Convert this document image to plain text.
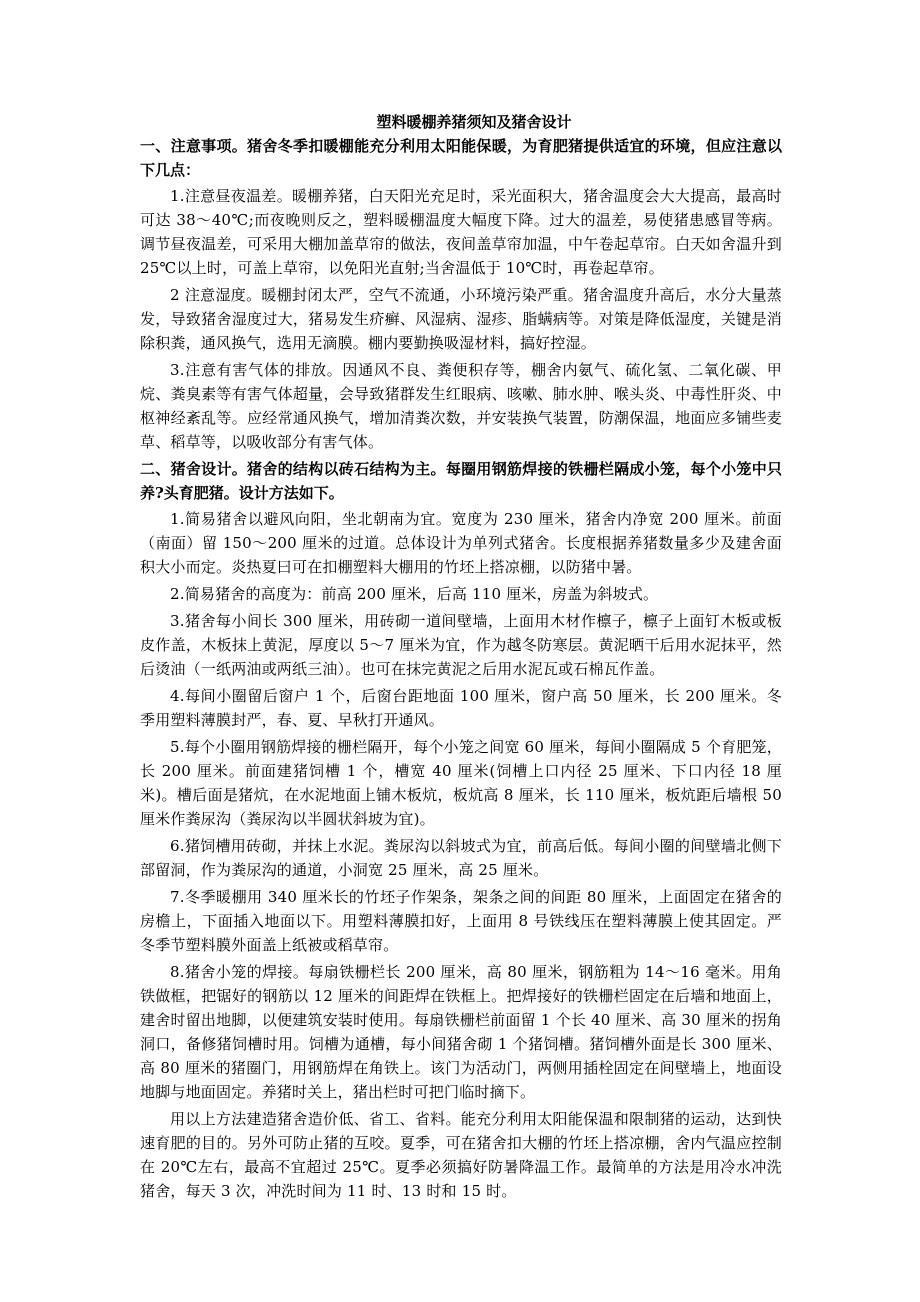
塑料暖棚养猪须知及猪舍设计

一、注意事项。猪舍冬季扣暖棚能充分利用太阳能保暖，为育肥猪提供适宜的环境，但应注意以下几点：

1.注意昼夜温差。暖棚养猪，白天阳光充足时，采光面积大，猪舍温度会大大提高，最高时可达 38～40℃;而夜晚则反之，塑料暖棚温度大幅度下降。过大的温差，易使猪患感冒等病。调节昼夜温差，可采用大棚加盖草帘的做法，夜间盖草帘加温，中午卷起草帘。白天如舍温升到 25℃以上时，可盖上草帘，以免阳光直射;当舍温低于 10℃时，再卷起草帘。

2 注意湿度。暖棚封闭太严，空气不流通，小环境污染严重。猪舍温度升高后，水分大量蒸发，导致猪舍湿度过大，猪易发生疥癣、风湿病、湿疹、脂螨病等。对策是降低湿度，关键是消除积粪，通风换气，选用无滴膜。棚内要勤换吸湿材料，搞好控湿。

3.注意有害气体的排放。因通风不良、粪便积存等，棚舍内氨气、硫化氢、二氧化碳、甲烷、粪臭素等有害气体超量，会导致猪群发生红眼病、咳嗽、肺水肿、喉头炎、中毒性肝炎、中枢神经紊乱等。应经常通风换气，增加清粪次数，并安装换气装置，防潮保温，地面应多铺些麦草、稻草等，以吸收部分有害气体。

二、猪舍设计。猪舍的结构以砖石结构为主。每圈用钢筋焊接的铁栅栏隔成小笼，每个小笼中只养?头育肥猪。设计方法如下。

1.简易猪舍以避风向阳，坐北朝南为宜。宽度为 230 厘米，猪舍内净宽 200 厘米。前面（南面）留 150～200 厘米的过道。总体设计为单列式猪舍。长度根据养猪数量多少及建舍面积大小而定。炎热夏曰可在扣棚塑料大棚用的竹坯上搭凉棚，以防猪中暑。

2.简易猪舍的高度为：前高 200 厘米，后高 110 厘米，房盖为斜坡式。

3.猪舍每小间长 300 厘米，用砖砌一道间壁墙，上面用木材作檩子，檩子上面钉木板或板皮作盖，木板抹上黄泥，厚度以 5～7 厘米为宜，作为越冬防寒层。黄泥晒干后用水泥抹平，然后烫油（一纸两油或两纸三油）。也可在抹完黄泥之后用水泥瓦或石棉瓦作盖。

4.每间小圈留后窗户 1 个，后窗台距地面 100 厘米，窗户高 50 厘米，长 200 厘米。冬季用塑料薄膜封严，春、夏、早秋打开通风。

5.每个小圈用钢筋焊接的栅栏隔开，每个小笼之间宽 60 厘米，每间小圈隔成 5 个育肥笼，长 200 厘米。前面建猪饲槽 1 个，槽宽 40 厘米(饲槽上口内径 25 厘米、下口内径 18 厘米)。槽后面是猪炕，在水泥地面上铺木板炕，板炕高 8 厘米，长 110 厘米，板炕距后墙根 50 厘米作粪尿沟（粪尿沟以半圆状斜坡为宜)。

6.猪饲槽用砖砌，并抹上水泥。粪尿沟以斜坡式为宜，前高后低。每间小圈的间壁墙北侧下部留洞，作为粪尿沟的通道，小洞宽 25 厘米，高 25 厘米。

7.冬季暖棚用 340 厘米长的竹坯子作架条，架条之间的间距 80 厘米，上面固定在猪舍的房檐上，下面插入地面以下。用塑料薄膜扣好，上面用 8 号铁线压在塑料薄膜上使其固定。严冬季节塑料膜外面盖上纸被或稻草帘。

8.猪舍小笼的焊接。每扇铁栅栏长 200 厘米，高 80 厘米，钢筋粗为 14～16 毫米。用角铁做框，把锯好的钢筋以 12 厘米的间距焊在铁框上。把焊接好的铁栅栏固定在后墙和地面上，建舍时留出地脚，以便建筑安装时使用。每扇铁栅栏前面留 1 个长 40 厘米、高 30 厘米的拐角洞口，备修猪饲槽时用。饲槽为通槽，每小间猪舍砌 1 个猪饲槽。猪饲槽外面是长 300 厘米、高 80 厘米的猪圈门，用钢筋焊在角铁上。该门为活动门，两侧用插栓固定在间壁墙上，地面设地脚与地面固定。养猪时关上，猪出栏时可把门临时摘下。

用以上方法建造猪舍造价低、省工、省料。能充分利用太阳能保温和限制猪的运动，达到快速育肥的目的。另外可防止猪的互咬。夏季，可在猪舍扣大棚的竹坯上搭凉棚，舍内气温应控制在 20℃左右，最高不宜超过 25℃。夏季必须搞好防暑降温工作。最简单的方法是用冷水冲洗猪舍，每天 3 次，冲洗时间为 11 时、13 时和 15 时。
